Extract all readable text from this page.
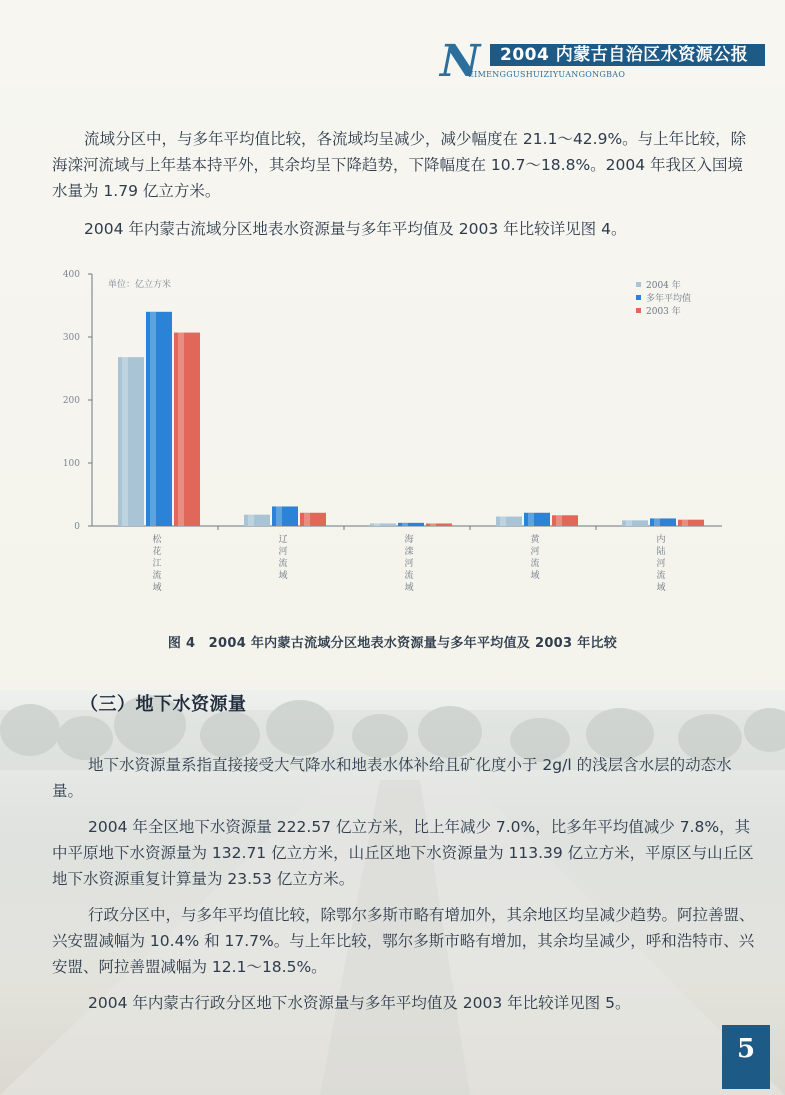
N 2004 内蒙古自治区水资源公报
EIMENGGUSHUIZIYUANGONGBAO
流域分区中，与多年平均值比较，各流域均呈减少，减少幅度在 21.1～42.9%。与上年比较，除海滦河流域与上年基本持平外，其余均呈下降趋势，下降幅度在 10.7～18.8%。2004 年我区入国境水量为 1.79 亿立方米。
2004 年内蒙古流域分区地表水资源量与多年平均值及 2003 年比较详见图 4。
0
100
200
300
400
松花江流域
辽河流域
海滦河流域
黄河流域
内陆河流域
单位：亿立方米	2004 年
多年平均值
2003 年
图 4　2004 年内蒙古流域分区地表水资源量与多年平均值及 2003 年比较
（三）地下水资源量
地下水资源量系指直接接受大气降水和地表水体补给且矿化度小于 2g/l 的浅层含水层的动态水量。
2004 年全区地下水资源量 222.57 亿立方米，比上年减少 7.0%，比多年平均值减少 7.8%，其中平原地下水资源量为 132.71 亿立方米，山丘区地下水资源量为 113.39 亿立方米，平原区与山丘区地下水资源重复计算量为 23.53 亿立方米。
行政分区中，与多年平均值比较，除鄂尔多斯市略有增加外，其余地区均呈减少趋势。阿拉善盟、兴安盟减幅为 10.4% 和 17.7%。与上年比较，鄂尔多斯市略有增加，其余均呈减少，呼和浩特市、兴安盟、阿拉善盟减幅为 12.1～18.5%。
2004 年内蒙古行政分区地下水资源量与多年平均值及 2003 年比较详见图 5。
5
